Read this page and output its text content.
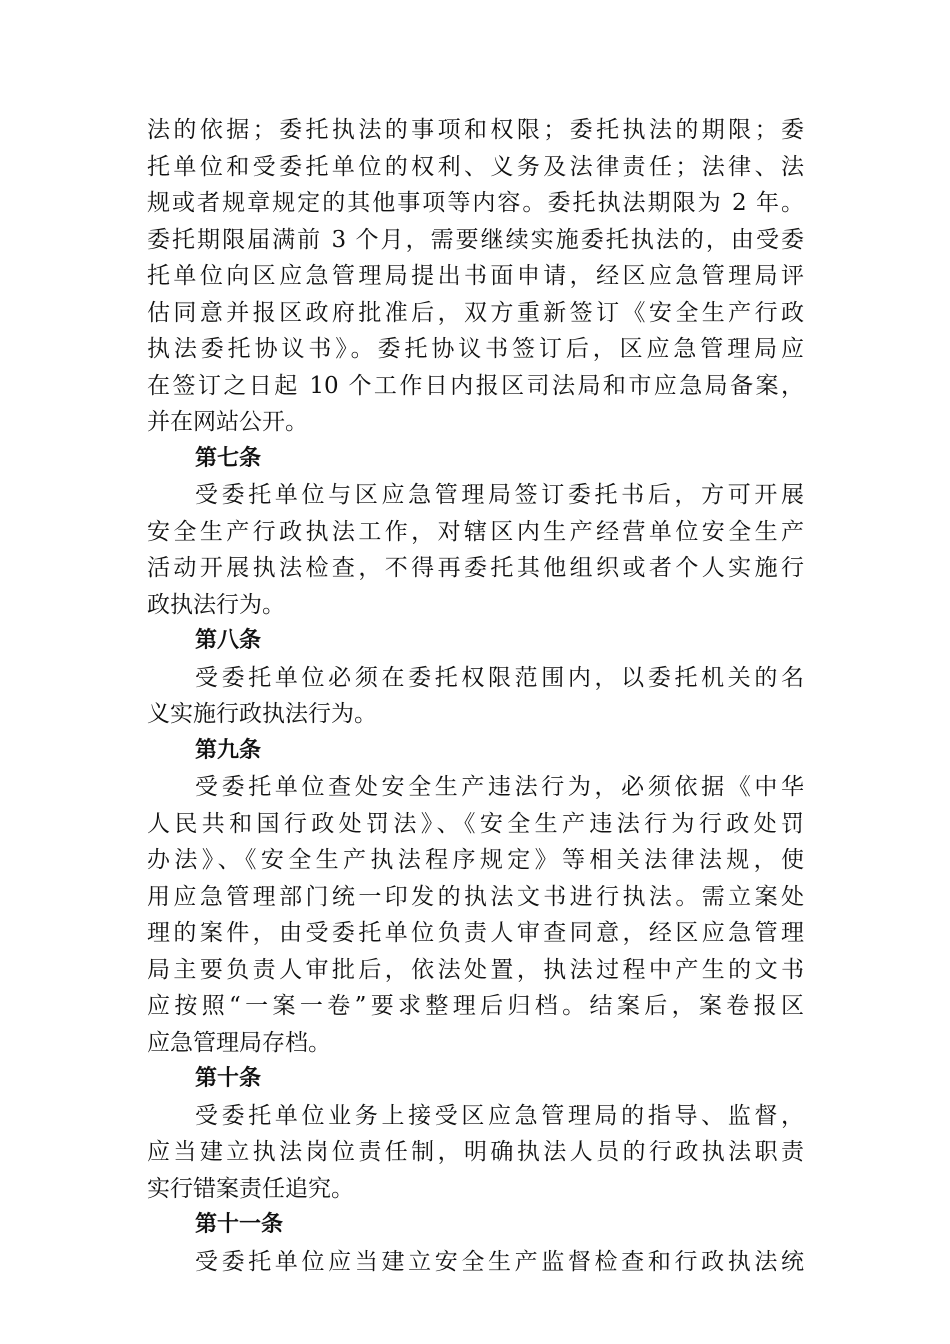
法的依据；委托执法的事项和权限；委托执法的期限；委
托单位和受委托单位的权利、义务及法律责任；法律、法
规或者规章规定的其他事项等内容。委托执法期限为 2 年。
委托期限届满前 3 个月，需要继续实施委托执法的，由受委
托单位向区应急管理局提出书面申请，经区应急管理局评
估同意并报区政府批准后，双方重新签订《安全生产行政
执法委托协议书》。委托协议书签订后，区应急管理局应
在签订之日起 10 个工作日内报区司法局和市应急局备案，
并在网站公开。
第七条
受委托单位与区应急管理局签订委托书后，方可开展
安全生产行政执法工作，对辖区内生产经营单位安全生产
活动开展执法检查，不得再委托其他组织或者个人实施行
政执法行为。
第八条
受委托单位必须在委托权限范围内，以委托机关的名
义实施行政执法行为。
第九条
受委托单位查处安全生产违法行为，必须依据《中华
人民共和国行政处罚法》、《安全生产违法行为行政处罚
办法》、《安全生产执法程序规定》等相关法律法规，使
用应急管理部门统一印发的执法文书进行执法。需立案处
理的案件，由受委托单位负责人审查同意，经区应急管理
局主要负责人审批后，依法处置，执法过程中产生的文书
应按照“一案一卷”要求整理后归档。结案后，案卷报区
应急管理局存档。
第十条
受委托单位业务上接受区应急管理局的指导、监督，
应当建立执法岗位责任制，明确执法人员的行政执法职责
实行错案责任追究。
第十一条
受委托单位应当建立安全生产监督检查和行政执法统
